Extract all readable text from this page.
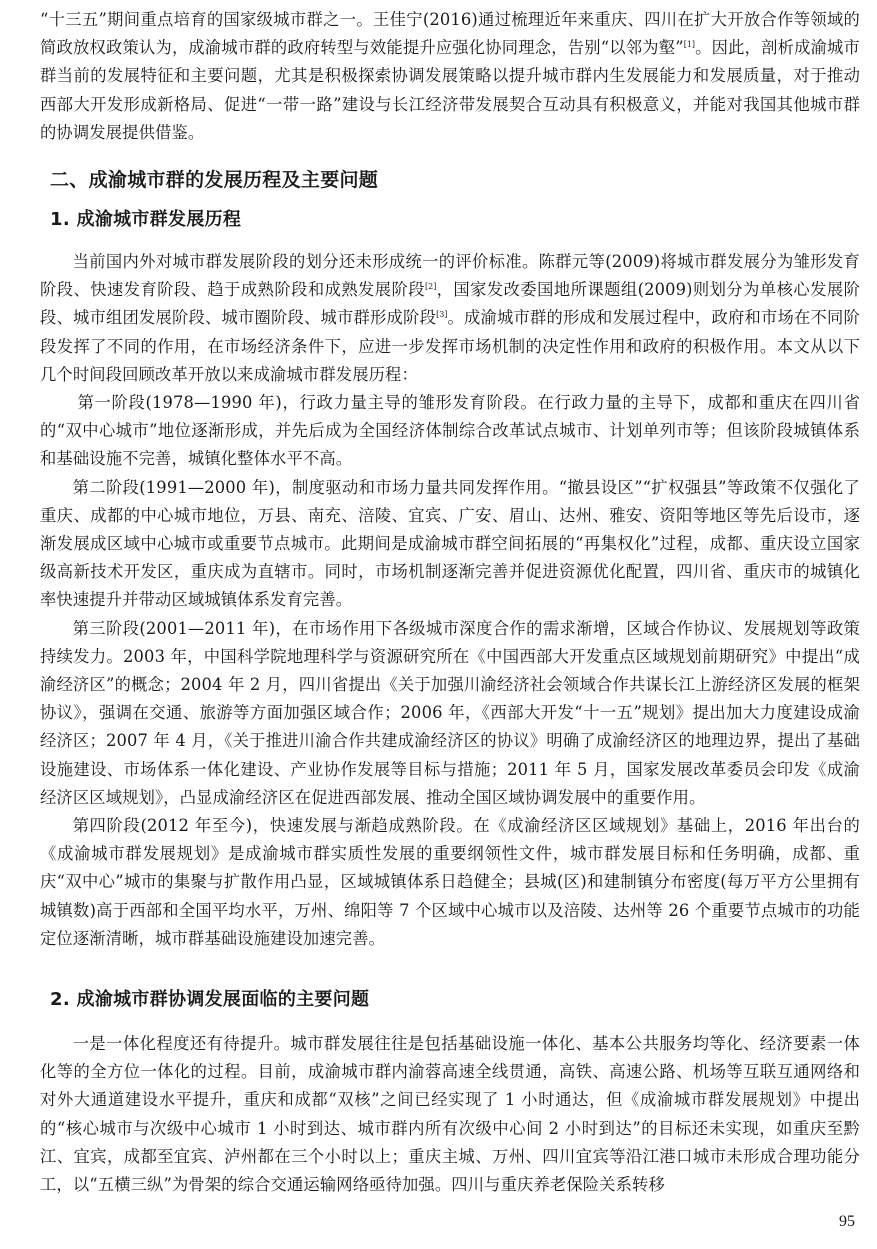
“十三五”期间重点培育的国家级城市群之一。王佳宁(2016)通过梳理近年来重庆、四川在扩大开放合作等领域的简政放权政策认为，成渝城市群的政府转型与效能提升应强化协同理念，告别“以邻为壑”[1]。因此，剖析成渝城市群当前的发展特征和主要问题，尤其是积极探索协调发展策略以提升城市群内生发展能力和发展质量，对于推动西部大开发形成新格局、促进“一带一路”建设与长江经济带发展契合互动具有积极意义，并能对我国其他城市群的协调发展提供借鉴。

二、成渝城市群的发展历程及主要问题
1. 成渝城市群发展历程

当前国内外对城市群发展阶段的划分还未形成统一的评价标准。陈群元等(2009)将城市群发展分为雏形发育阶段、快速发育阶段、趋于成熟阶段和成熟发展阶段[2]，国家发改委国地所课题组(2009)则划分为单核心发展阶段、城市组团发展阶段、城市圈阶段、城市群形成阶段[3]。成渝城市群的形成和发展过程中，政府和市场在不同阶段发挥了不同的作用，在市场经济条件下，应进一步发挥市场机制的决定性作用和政府的积极作用。本文从以下几个时间段回顾改革开放以来成渝城市群发展历程：

第一阶段(1978—1990 年)，行政力量主导的雏形发育阶段。在行政力量的主导下，成都和重庆在四川省的“双中心城市”地位逐渐形成，并先后成为全国经济体制综合改革试点城市、计划单列市等；但该阶段城镇体系和基础设施不完善，城镇化整体水平不高。

第二阶段(1991—2000 年)，制度驱动和市场力量共同发挥作用。“撤县设区”“扩权强县”等政策不仅强化了重庆、成都的中心城市地位，万县、南充、涪陵、宜宾、广安、眉山、达州、雅安、资阳等地区等先后设市，逐渐发展成区域中心城市或重要节点城市。此期间是成渝城市群空间拓展的“再集权化”过程，成都、重庆设立国家级高新技术开发区，重庆成为直辖市。同时，市场机制逐渐完善并促进资源优化配置，四川省、重庆市的城镇化率快速提升并带动区域城镇体系发育完善。

第三阶段(2001—2011 年)，在市场作用下各级城市深度合作的需求渐增，区域合作协议、发展规划等政策持续发力。2003 年，中国科学院地理科学与资源研究所在《中国西部大开发重点区域规划前期研究》中提出“成渝经济区”的概念；2004 年 2 月，四川省提出《关于加强川渝经济社会领域合作共谋长江上游经济区发展的框架协议》，强调在交通、旅游等方面加强区域合作；2006 年，《西部大开发“十一五”规划》提出加大力度建设成渝经济区；2007 年 4 月，《关于推进川渝合作共建成渝经济区的协议》明确了成渝经济区的地理边界，提出了基础设施建设、市场体系一体化建设、产业协作发展等目标与措施；2011 年 5 月，国家发展改革委员会印发《成渝经济区区域规划》，凸显成渝经济区在促进西部发展、推动全国区域协调发展中的重要作用。

第四阶段(2012 年至今)，快速发展与渐趋成熟阶段。在《成渝经济区区域规划》基础上，2016 年出台的《成渝城市群发展规划》是成渝城市群实质性发展的重要纲领性文件，城市群发展目标和任务明确，成都、重庆“双中心”城市的集聚与扩散作用凸显，区域城镇体系日趋健全；县城(区)和建制镇分布密度(每万平方公里拥有城镇数)高于西部和全国平均水平，万州、绵阳等 7 个区域中心城市以及涪陵、达州等 26 个重要节点城市的功能定位逐渐清晰，城市群基础设施建设加速完善。

2. 成渝城市群协调发展面临的主要问题

一是一体化程度还有待提升。城市群发展往往是包括基础设施一体化、基本公共服务均等化、经济要素一体化等的全方位一体化的过程。目前，成渝城市群内渝蓉高速全线贯通，高铁、高速公路、机场等互联互通网络和对外大通道建设水平提升，重庆和成都“双核”之间已经实现了 1 小时通达，但《成渝城市群发展规划》中提出的“核心城市与次级中心城市 1 小时到达、城市群内所有次级中心间 2 小时到达”的目标还未实现，如重庆至黔江、宜宾，成都至宜宾、泸州都在三个小时以上；重庆主城、万州、四川宜宾等沿江港口城市未形成合理功能分工，以“五横三纵”为骨架的综合交通运输网络亟待加强。四川与重庆养老保险关系转移

95
